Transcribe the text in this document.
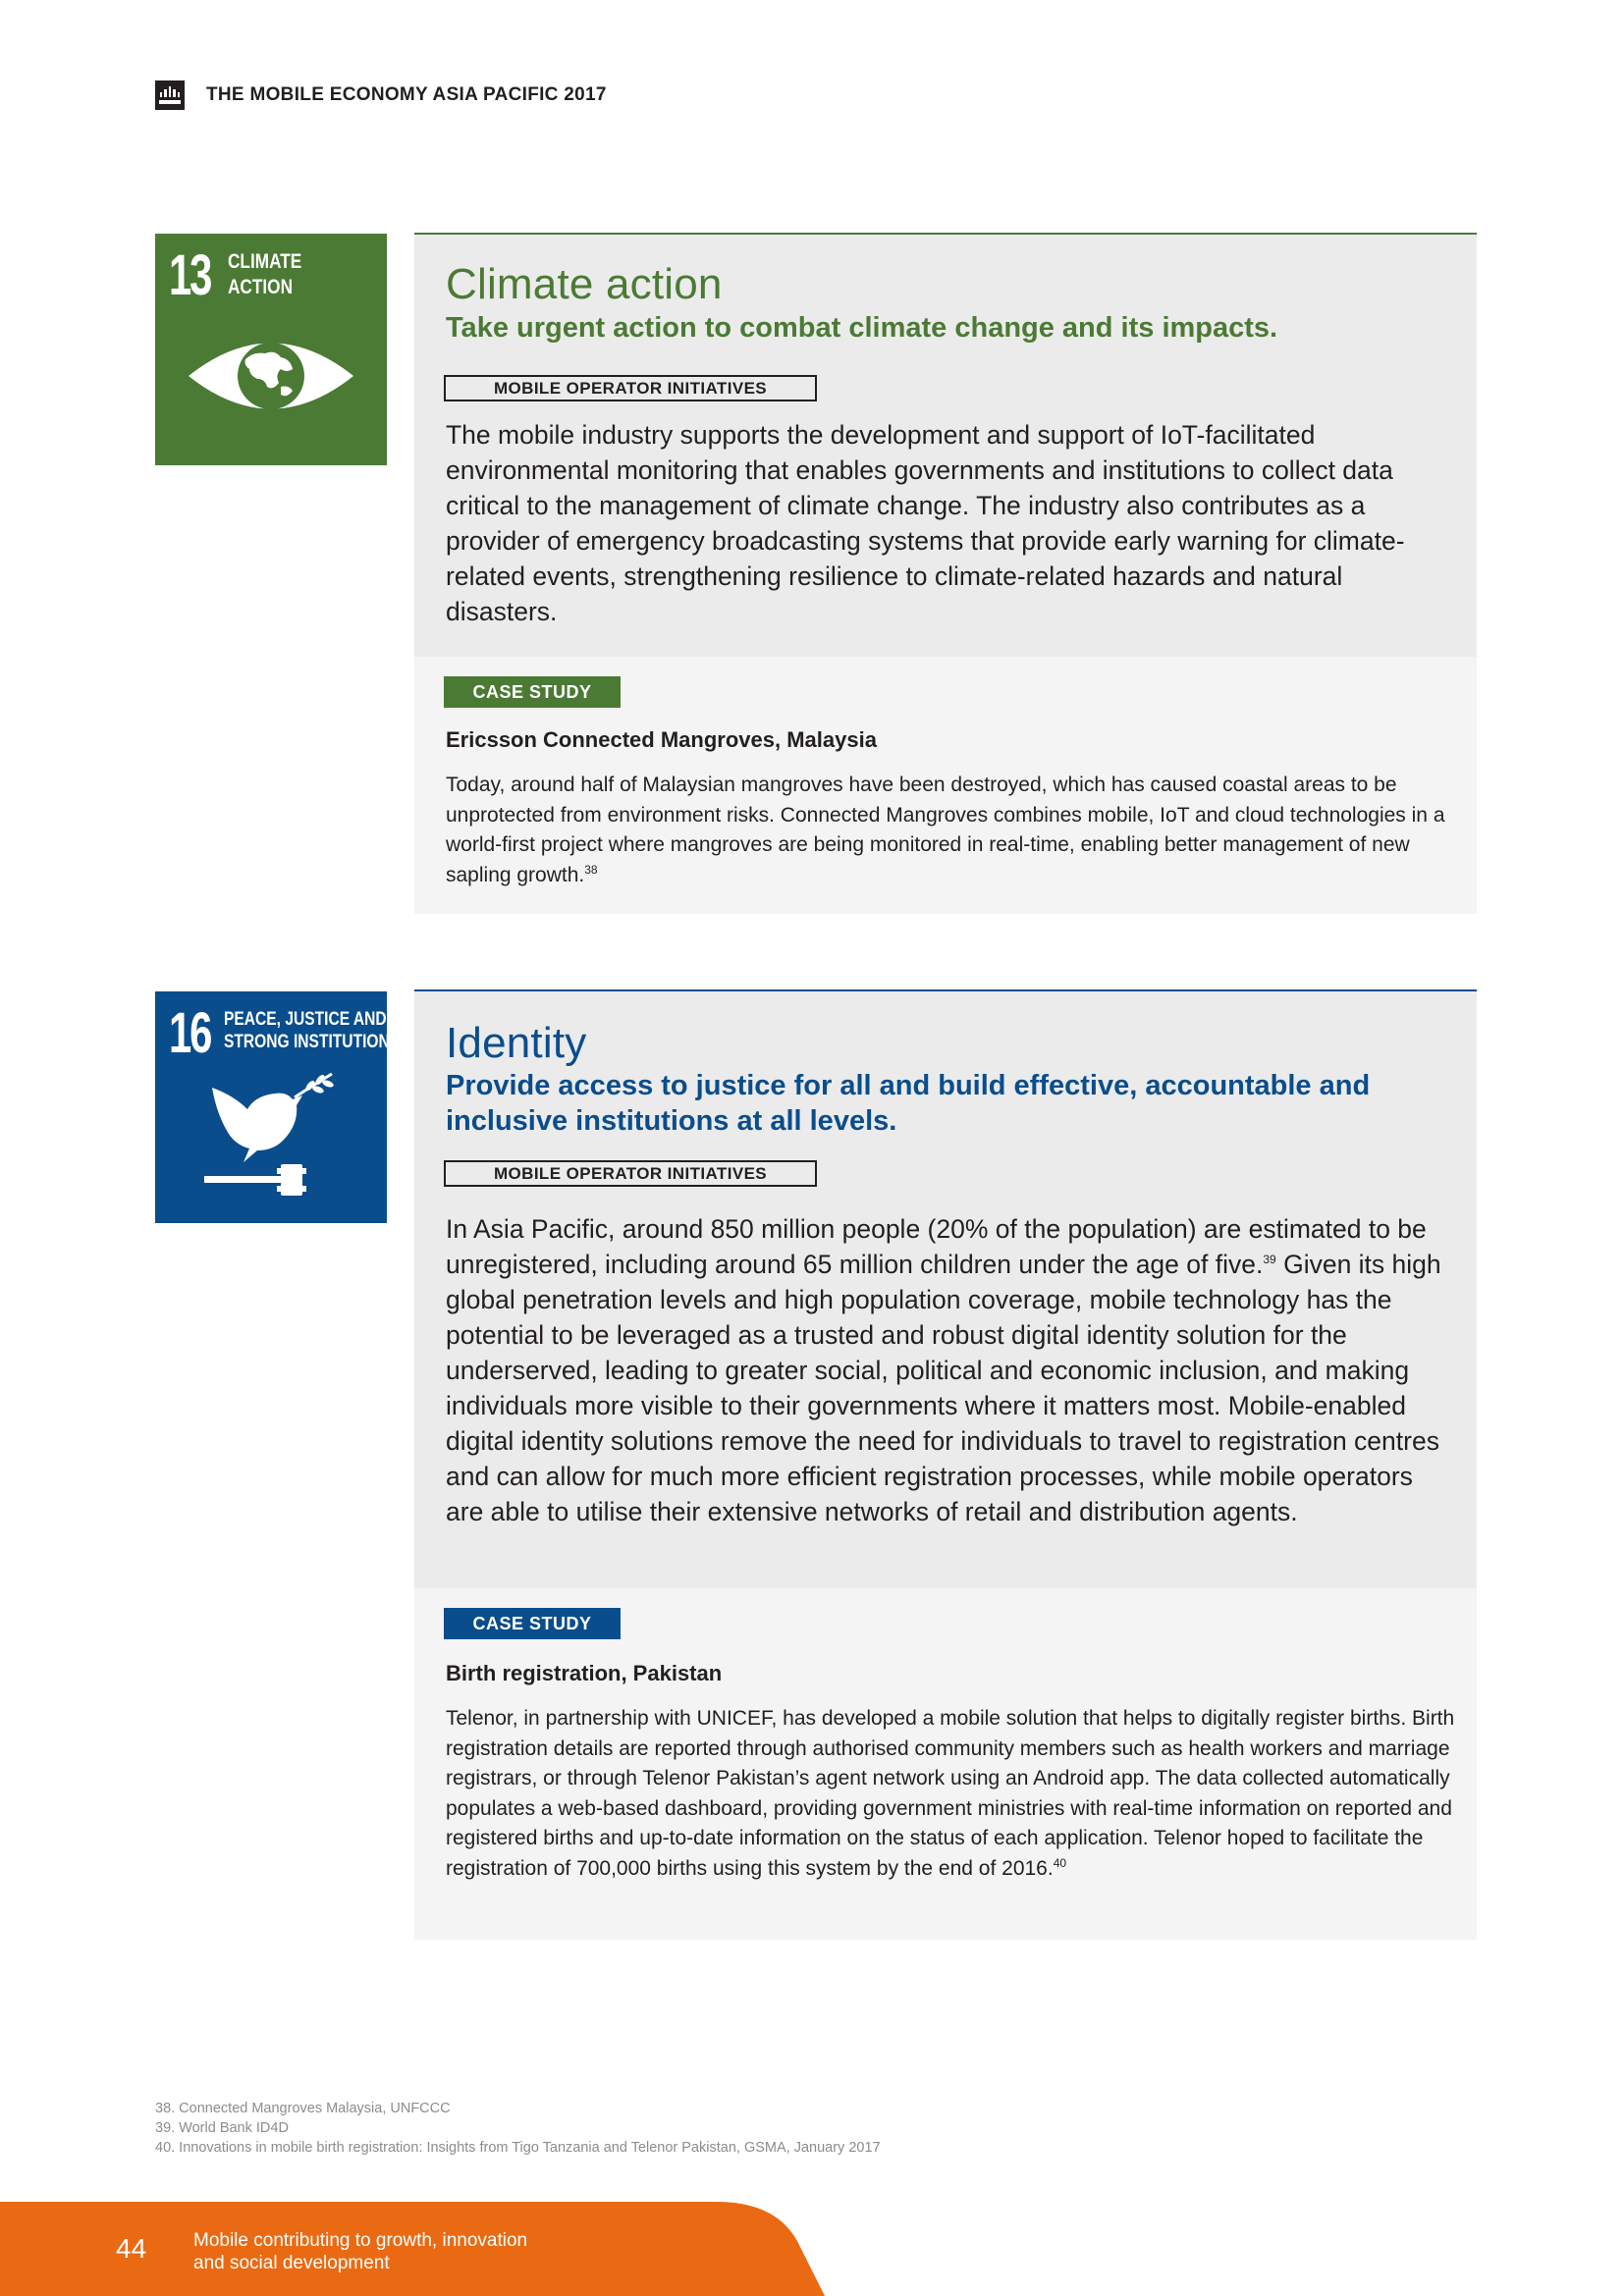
THE MOBILE ECONOMY ASIA PACIFIC 2017
13 CLIMATE
ACTION	Climate action
Take urgent action to combat climate change and its impacts.
MOBILE OPERATOR INITIATIVES
The mobile industry supports the development and support of IoT-facilitated environmental monitoring that enables governments and institutions to collect data critical to the management of climate change. The industry also contributes as a provider of emergency broadcasting systems that provide early warning for climate-related events, strengthening resilience to climate-related hazards and natural disasters.
CASE STUDY
Ericsson Connected Mangroves, Malaysia
Today, around half of Malaysian mangroves have been destroyed, which has caused coastal areas to be unprotected from environment risks. Connected Mangroves combines mobile, IoT and cloud technologies in a world-first project where mangroves are being monitored in real-time, enabling better management of new sapling growth.$^{38}$
16 PEACE, JUSTICE AND
STRONG INSTITUTIONS Identity
Provide access to justice for all and build effective, accountable and
inclusive institutions at all levels.
MOBILE OPERATOR INITIATIVES
In Asia Pacific, around 850 million people (20% of the population) are estimated to be unregistered, including around 65 million children under the age of five.$^{39}$ Given its high global penetration levels and high population coverage, mobile technology has the potential to be leveraged as a trusted and robust digital identity solution for the underserved, leading to greater social, political and economic inclusion, and making individuals more visible to their governments where it matters most. Mobile-enabled digital identity solutions remove the need for individuals to travel to registration centres and can allow for much more efficient registration processes, while mobile operators are able to utilise their extensive networks of retail and distribution agents.
CASE STUDY
Birth registration, Pakistan
Telenor, in partnership with UNICEF, has developed a mobile solution that helps to digitally register births. Birth registration details are reported through authorised community members such as health workers and marriage registrars, or through Telenor Pakistan’s agent network using an Android app. The data collected automatically populates a web-based dashboard, providing government ministries with real-time information on reported and registered births and up-to-date information on the status of each application. Telenor hoped to facilitate the registration of 700,000 births using this system by the end of 2016.40
38. Connected Mangroves Malaysia, UNFCCC
39. World Bank ID4D
40. Innovations in mobile birth registration: Insights from Tigo Tanzania and Telenor Pakistan, GSMA, January 2017
44	Mobile contributing to growth, innovation
and social development
